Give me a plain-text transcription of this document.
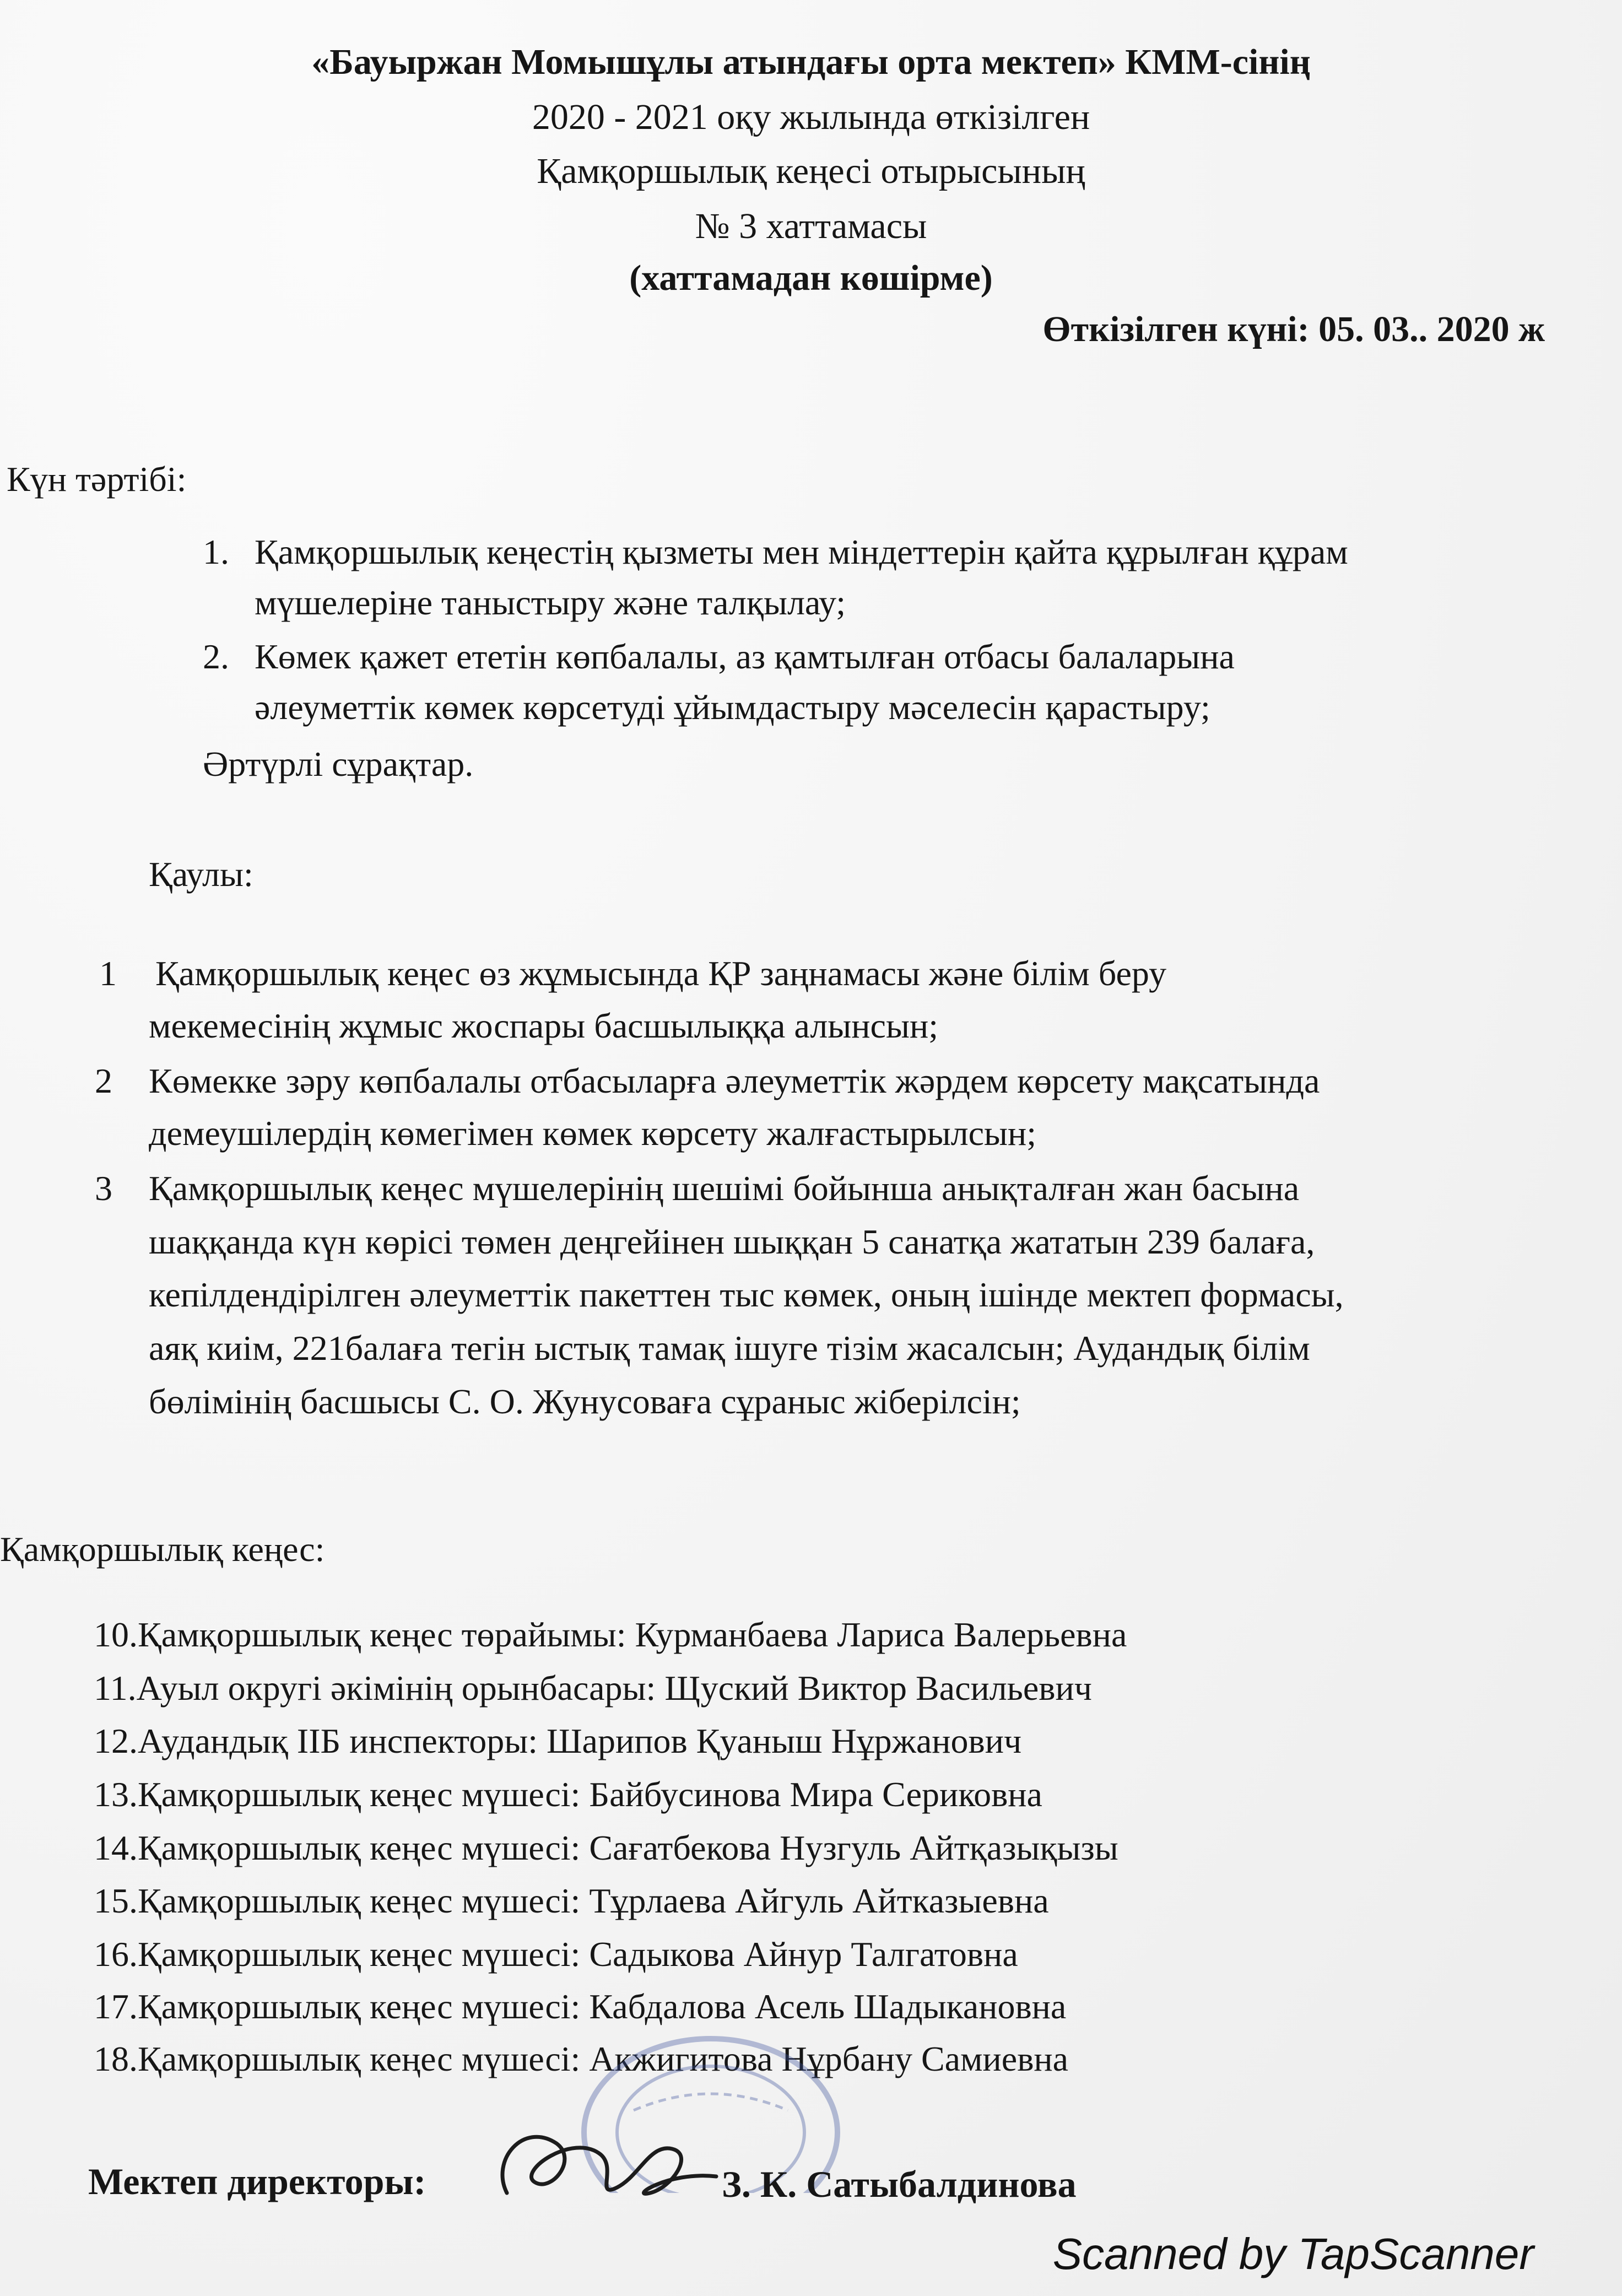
«Бауыржан Момышұлы атындағы орта мектеп» КММ-сінің
2020 - 2021 оқу жылында өткізілген
Қамқоршылық кеңесі отырысының
№ 3 хаттамасы
(хаттамадан көшірме)
Өткізілген күні: 05. 03.. 2020 ж
Күн тәртібі:
1. Қамқоршылық кеңестің қызметы мен міндеттерін қайта құрылған құрам
мүшелеріне таныстыру және талқылау;
2. Көмек қажет ететін көпбалалы, аз қамтылған отбасы балаларына
әлеуметтік көмек көрсетуді ұйымдастыру мәселесін қарастыру;
Әртүрлі сұрақтар.
Қаулы:
1 Қамқоршылық кеңес өз жұмысында ҚР заңнамасы және білім беру
мекемесінің жұмыс жоспары басшылыққа алынсын;
2 Көмекке зәру көпбалалы отбасыларға әлеуметтік жәрдем көрсету мақсатында
демеушілердің көмегімен көмек көрсету жалғастырылсын;
3 Қамқоршылық кеңес мүшелерінің шешімі бойынша анықталған жан басына
шаққанда күн көрісі төмен деңгейінен шыққан 5 санатқа жататын 239 балаға,
кепілдендірілген әлеуметтік пакеттен тыс көмек, оның ішінде мектеп формасы,
аяқ киім, 221балаға тегін ыстық тамақ ішуге тізім жасалсын; Аудандық білім
бөлімінің басшысы С. О. Жунусоваға сұраныс жіберілсін;
Қамқоршылық кеңес:
10.Қамқоршылық кеңес төрайымы: Курманбаева Лариса Валерьевна
11.Ауыл округі әкімінің орынбасары: Щуский Виктор Васильевич
12.Аудандық ІІБ инспекторы: Шарипов Қуаныш Нұржанович
13.Қамқоршылық кеңес мүшесі: Байбусинова Мира Сериковна
14.Қамқоршылық кеңес мүшесі: Сағатбекова Нузгуль Айтқазықызы
15.Қамқоршылық кеңес мүшесі: Тұрлаева Айгуль Айтказыевна
16.Қамқоршылық кеңес мүшесі: Садыкова Айнур Талгатовна
17.Қамқоршылық кеңес мүшесі: Кабдалова Асель Шадыкановна
18.Қамқоршылық кеңес мүшесі: Акжигитова Нұрбану Самиевна
Мектеп директоры:	З. К. Сатыбалдинова
Scanned by TapScanner
